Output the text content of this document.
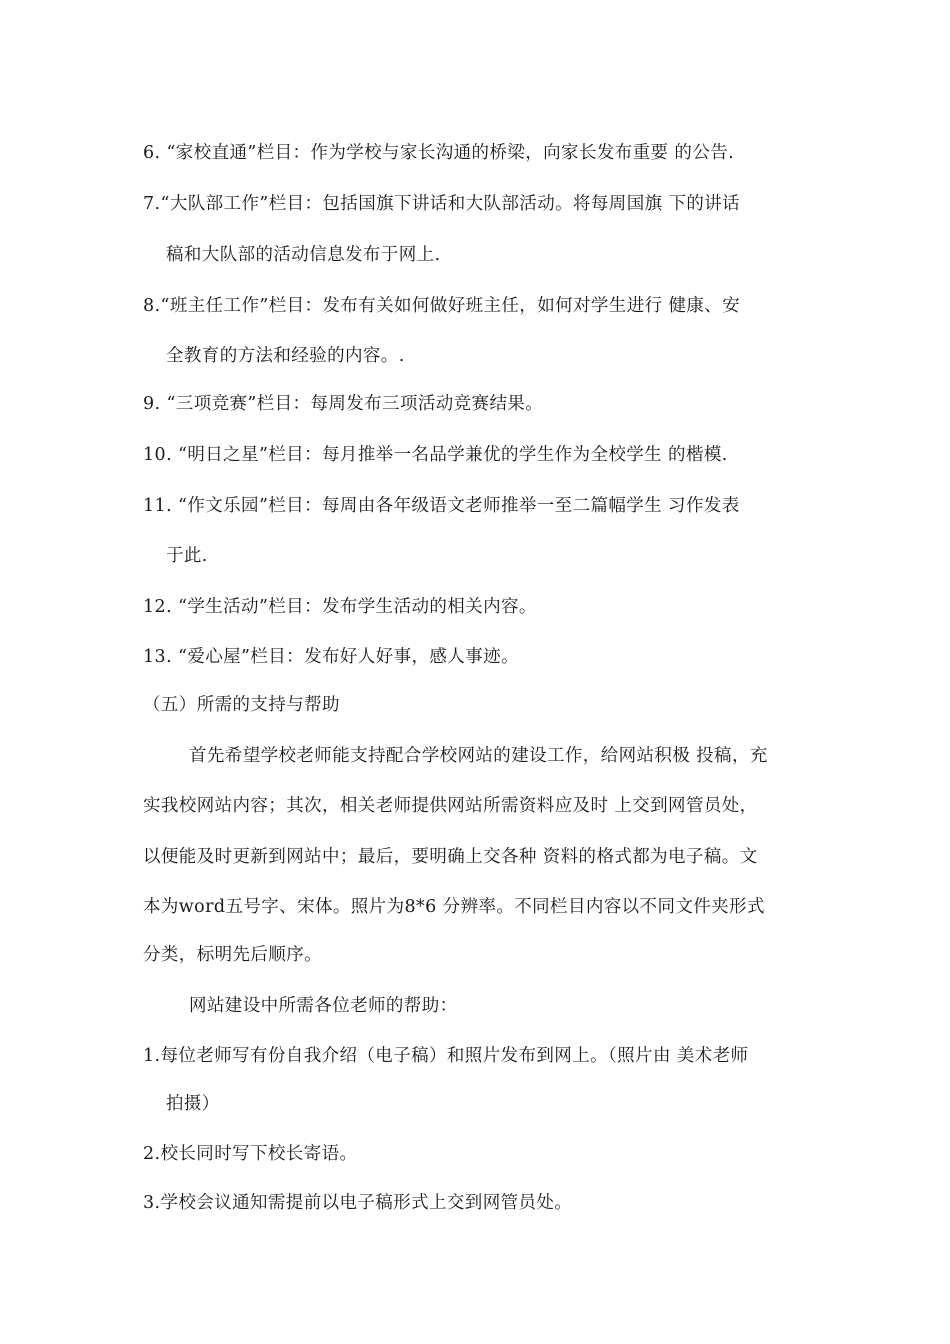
6. “家校直通”栏目：作为学校与家长沟通的桥梁，向家长发布重要 的公告.

7.“大队部工作”栏目：包括国旗下讲话和大队部活动。将每周国旗 下的讲话

稿和大队部的活动信息发布于网上.

8.“班主任工作”栏目：发布有关如何做好班主任，如何对学生进行 健康、安

全教育的方法和经验的内容。.

9. “三项竞赛”栏目：每周发布三项活动竞赛结果。

10. “明日之星”栏目：每月推举一名品学兼优的学生作为全校学生 的楷模.

11. “作文乐园”栏目：每周由各年级语文老师推举一至二篇幅学生 习作发表

于此.

12. “学生活动”栏目：发布学生活动的相关内容。

13. “爱心屋”栏目：发布好人好事，感人事迹。

（五）所需的支持与帮助

首先希望学校老师能支持配合学校网站的建设工作，给网站积极 投稿，充

实我校网站内容；其次，相关老师提供网站所需资料应及时 上交到网管员处，

以便能及时更新到网站中；最后，要明确上交各种 资料的格式都为电子稿。文

本为word五号字、宋体。照片为8*6 分辨率。不同栏目内容以不同文件夹形式

分类，标明先后顺序。

网站建设中所需各位老师的帮助：

1.每位老师写有份自我介绍（电子稿）和照片发布到网上。（照片由 美术老师

拍摄）

2.校长同时写下校长寄语。

3.学校会议通知需提前以电子稿形式上交到网管员处。
